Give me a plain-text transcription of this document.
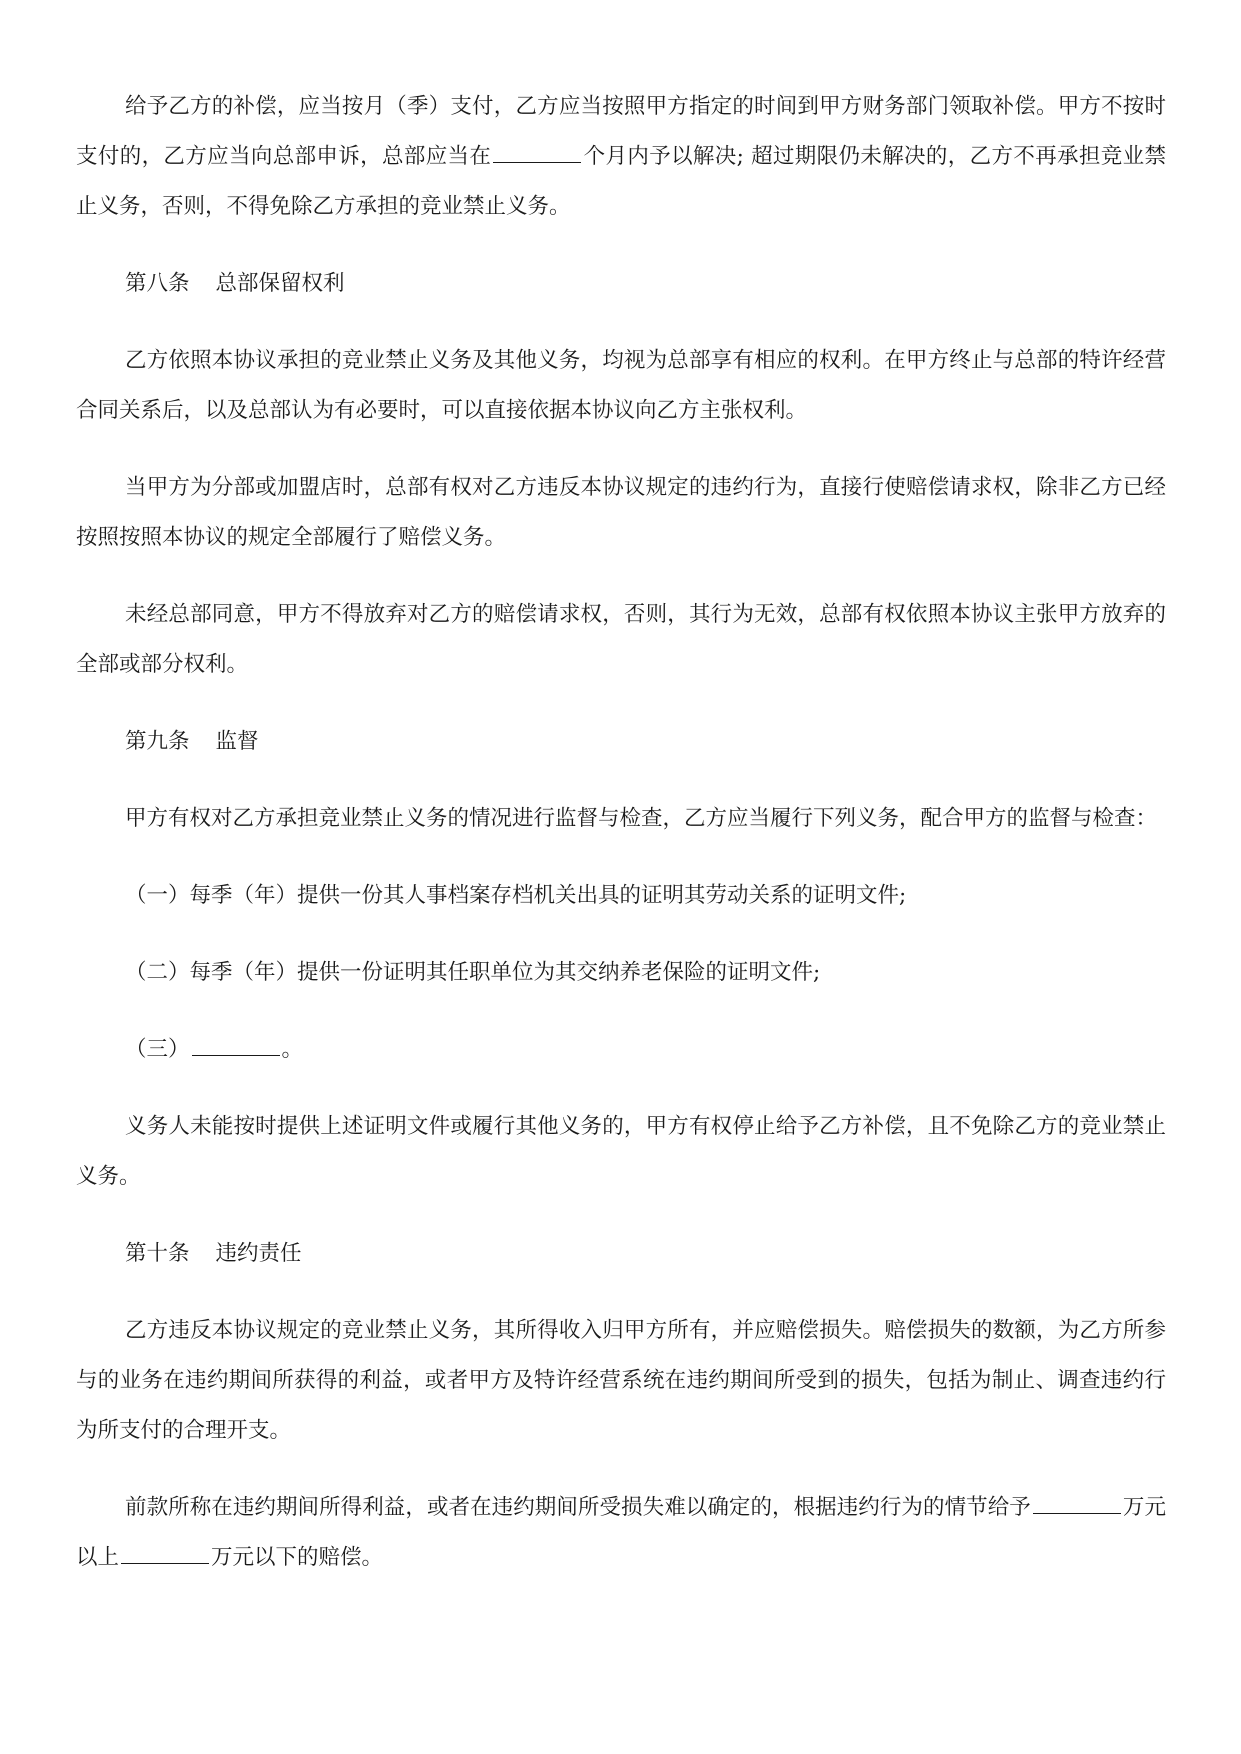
给予乙方的补偿，应当按月（季）支付，乙方应当按照甲方指定的时间到甲方财务部门领取补偿。甲方不按时支付的，乙方应当向总部申诉，总部应当在	个月内予以解决; 超过期限仍未解决的，乙方不再承担竞业禁止义务，否则，不得免除乙方承担的竞业禁止义务。

第八条 总部保留权利

乙方依照本协议承担的竞业禁止义务及其他义务，均视为总部享有相应的权利。在甲方终止与总部的特许经营合同关系后，以及总部认为有必要时，可以直接依据本协议向乙方主张权利。

当甲方为分部或加盟店时，总部有权对乙方违反本协议规定的违约行为，直接行使赔偿请求权，除非乙方已经按照按照本协议的规定全部履行了赔偿义务。

未经总部同意，甲方不得放弃对乙方的赔偿请求权，否则，其行为无效，总部有权依照本协议主张甲方放弃的全部或部分权利。

第九条 监督

甲方有权对乙方承担竞业禁止义务的情况进行监督与检查，乙方应当履行下列义务，配合甲方的监督与检查：

（一）每季（年）提供一份其人事档案存档机关出具的证明其劳动关系的证明文件;

（二）每季（年）提供一份证明其任职单位为其交纳养老保险的证明文件;

（三）	。

义务人未能按时提供上述证明文件或履行其他义务的，甲方有权停止给予乙方补偿，且不免除乙方的竞业禁止义务。

第十条 违约责任

乙方违反本协议规定的竞业禁止义务，其所得收入归甲方所有，并应赔偿损失。赔偿损失的数额，为乙方所参与的业务在违约期间所获得的利益，或者甲方及特许经营系统在违约期间所受到的损失，包括为制止、调查违约行为所支付的合理开支。

前款所称在违约期间所得利益，或者在违约期间所受损失难以确定的，根据违约行为的情节给予	万元以上	万元以下的赔偿。
